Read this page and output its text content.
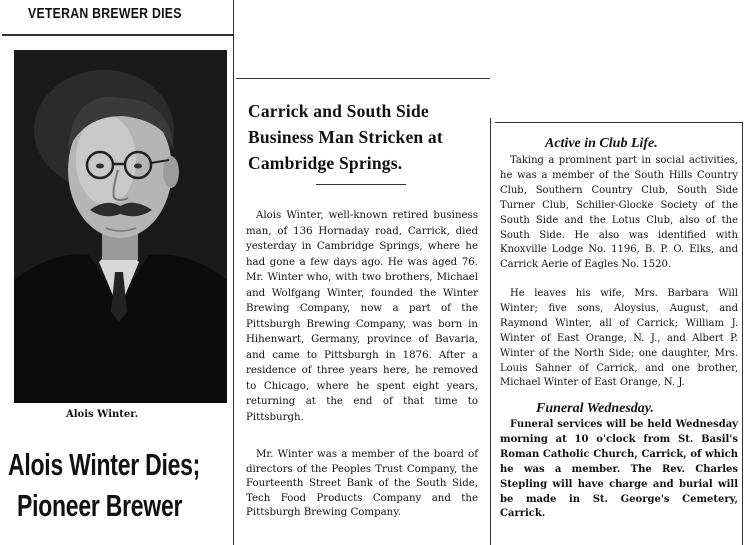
VETERAN BREWER DIES
Alois Winter.
Alois Winter Dies;
Pioneer Brewer
Carrick and South Side Business Man Stricken at Cambridge Springs.
Alois Winter, well-known retired business man, of 136 Hornaday road, Carrick, died yesterday in Cambridge Springs, where he had gone a few days ago. He was aged 76. Mr. Winter who, with two brothers, Michael and Wolfgang Winter, founded the Winter Brewing Company, now a part of the Pittsburgh Brewing Company, was born in Hihenwart, Germany, province of Bavaria, and came to Pittsburgh in 1876. After a residence of three years here, he removed to Chicago, where he spent eight years, returning at the end of that time to Pittsburgh.
Mr. Winter was a member of the board of directors of the Peoples Trust Company, the Fourteenth Street Bank of the South Side, Tech Food Products Company and the Pittsburgh Brewing Company.
Active in Club Life.
Taking a prominent part in social activities, he was a member of the South Hills Country Club, Southern Country Club, South Side Turner Club, Schiller-Glocke Society of the South Side and the Lotus Club, also of the South Side. He also was identified with Knoxville Lodge No. 1196, B. P. O. Elks, and Carrick Aerie of Eagles No. 1520.
He leaves his wife, Mrs. Barbara Will Winter; five sons, Aloysius, August, and Raymond Winter, all of Carrick; William J. Winter of East Orange, N. J., and Albert P. Winter of the North Side; one daughter, Mrs. Louis Sahner of Carrick, and one brother, Michael Winter of East Orange, N. J.
Funeral Wednesday.
Funeral services will be held Wednesday morning at 10 o'clock from St. Basil's Roman Catholic Church, Carrick, of which he was a member. The Rev. Charles Stepling will have charge and burial will be made in St. George's Cemetery, Carrick.
